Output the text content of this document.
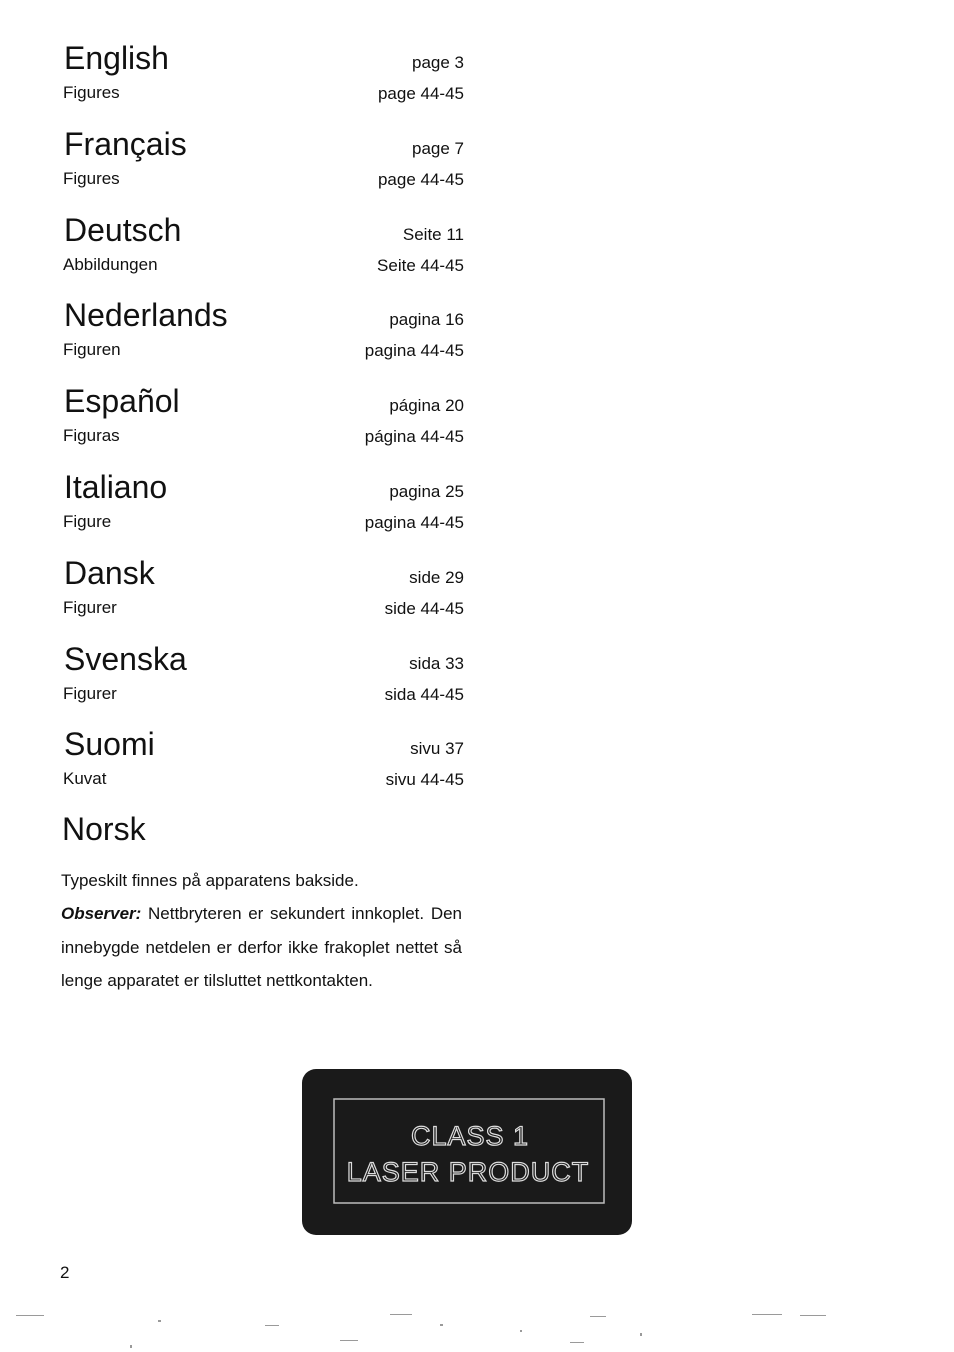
English	page 3
Figures	page 44-45
Français	page 7
Figures	page 44-45
Deutsch	Seite 11
Abbildungen	Seite 44-45
Nederlands	pagina 16
Figuren	pagina 44-45
Español	página 20
Figuras	página 44-45
Italiano	pagina 25
Figure	pagina 44-45
Dansk	side 29
Figurer	side 44-45
Svenska	sida 33
Figurer	sida 44-45
Suomi	sivu 37
Kuvat	sivu 44-45
Norsk

Typeskilt finnes på apparatens bakside.

Observer: Nettbryteren er sekundert innkoplet. Den innebygde netdelen er derfor ikke frakoplet nettet så lenge apparatet er tilsluttet nettkontakten.

CLASS 1
LASER PRODUCT
2
